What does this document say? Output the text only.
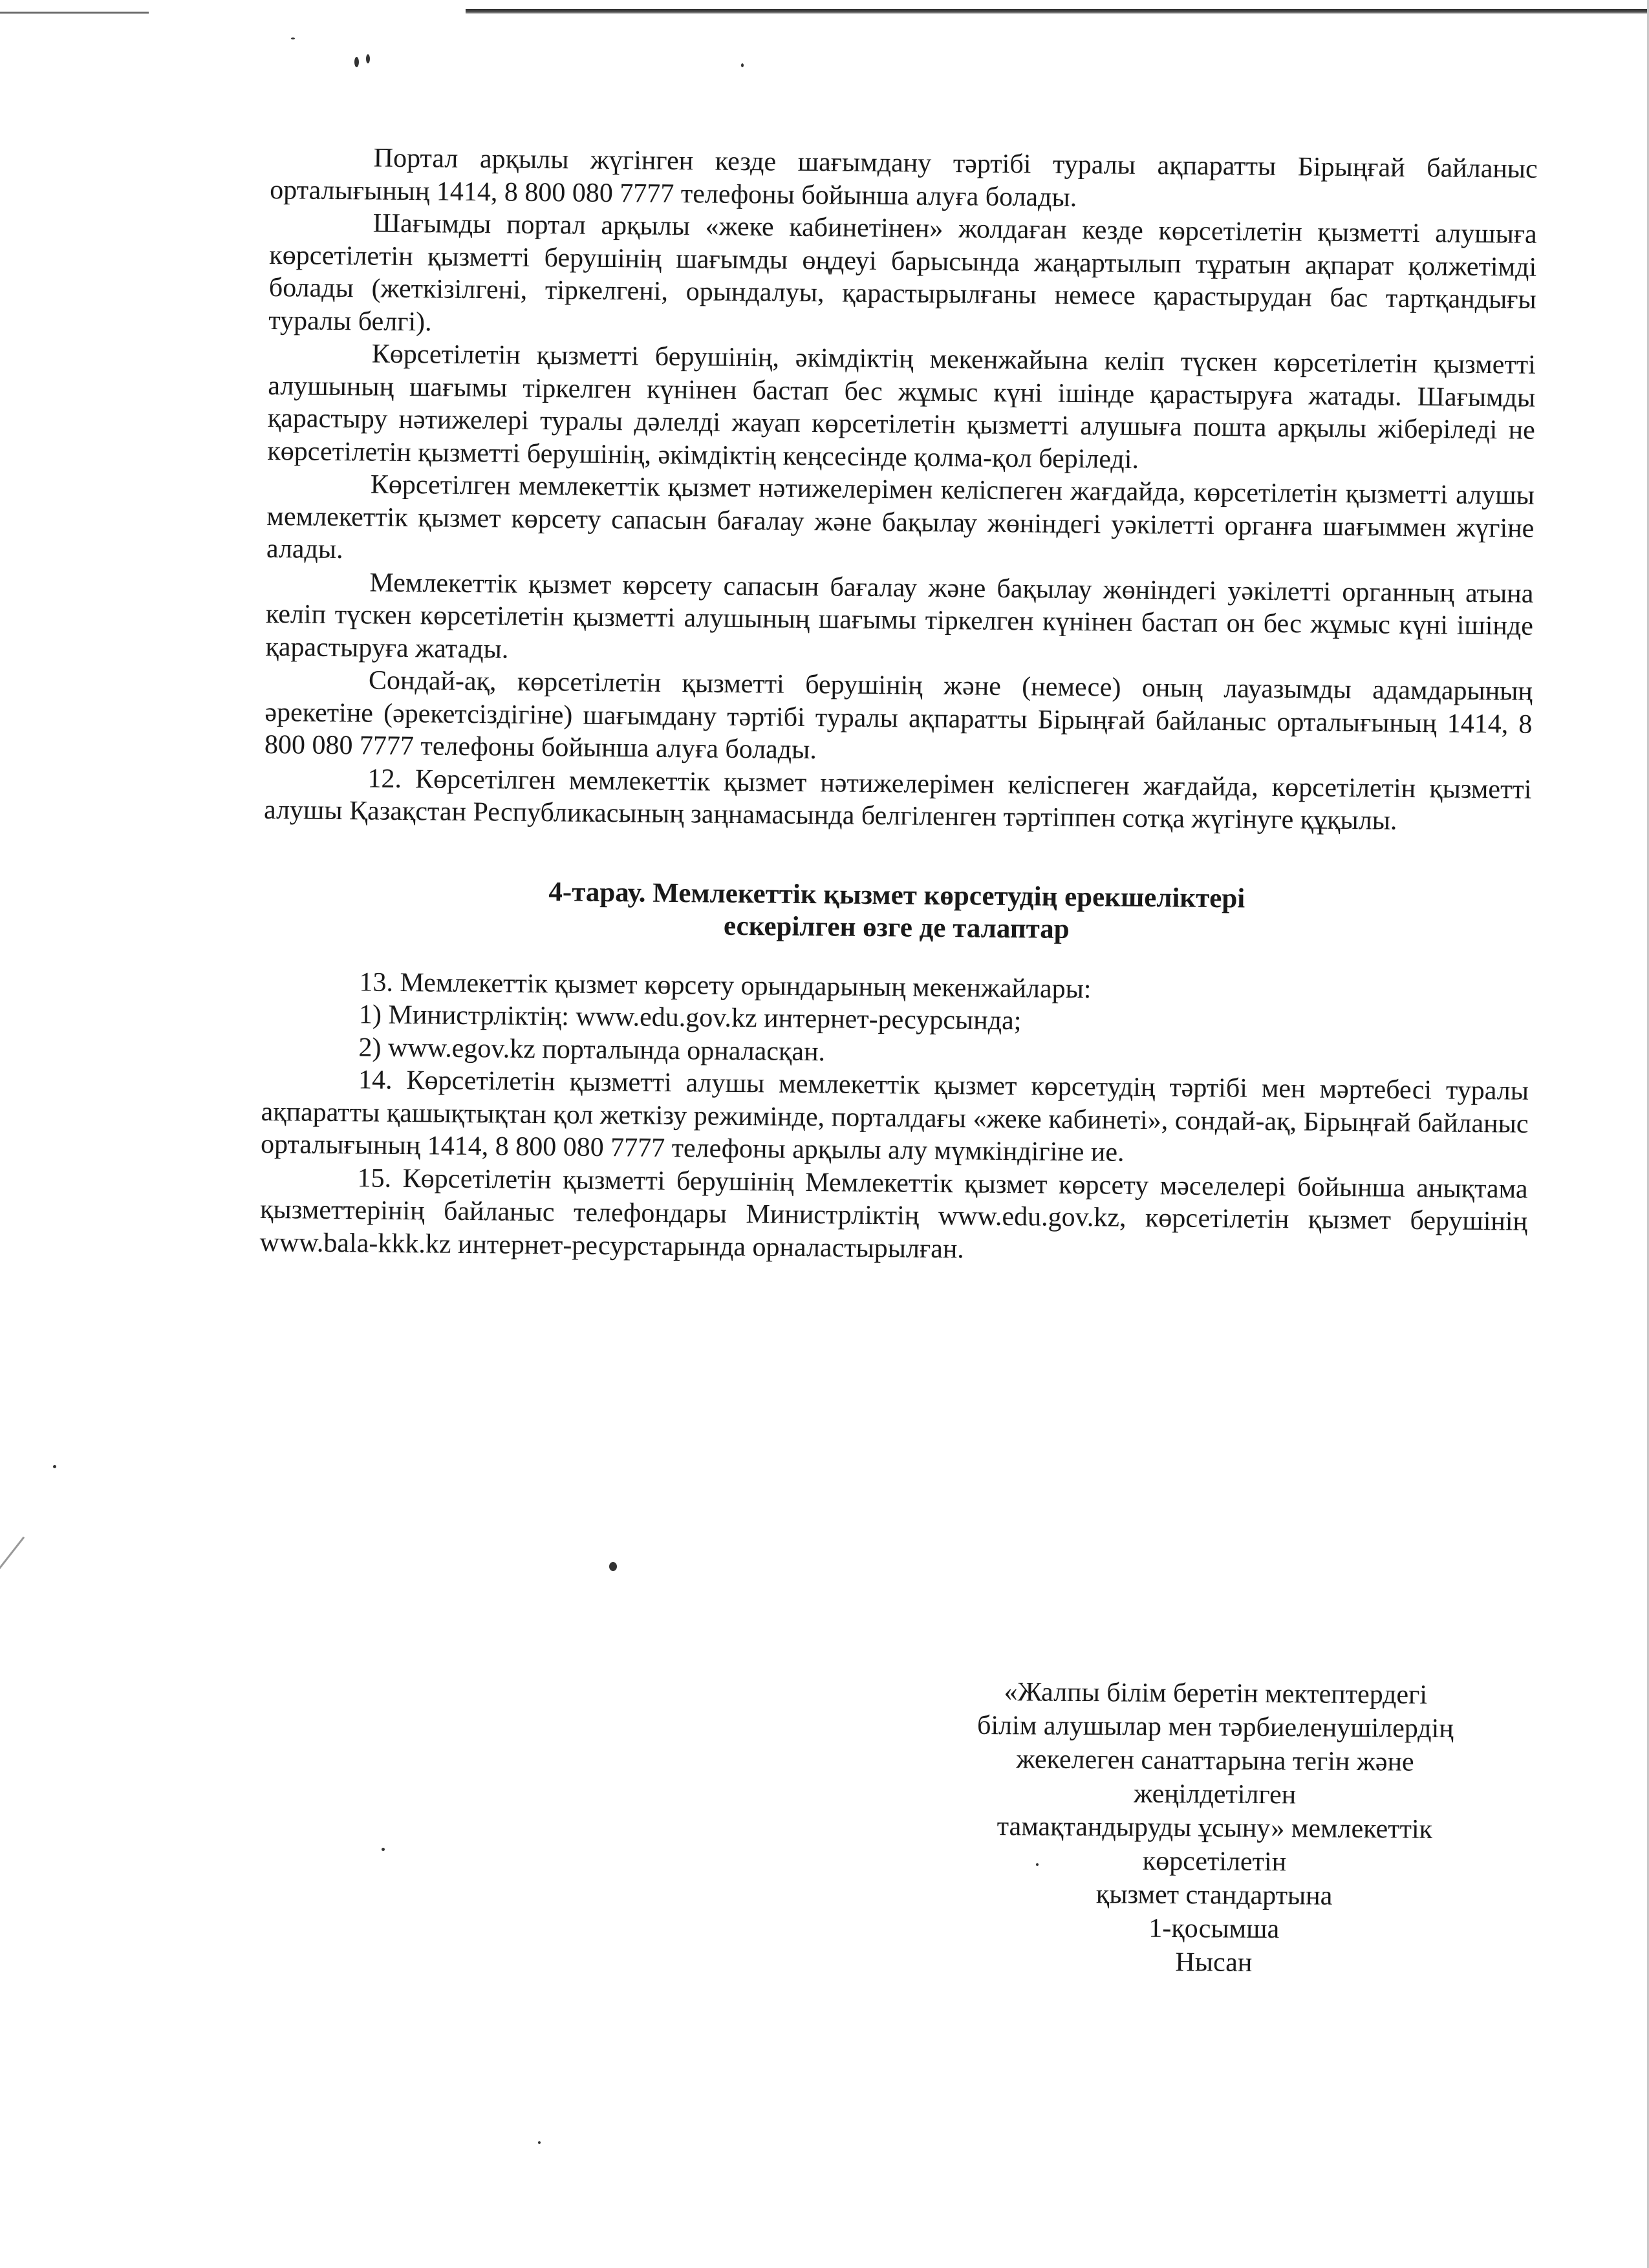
Портал арқылы жүгінген кезде шағымдану тәртібі туралы ақпаратты Бірыңғай байланыс орталығының 1414, 8 800 080 7777 телефоны бойынша алуға болады.

Шағымды портал арқылы «жеке кабинетінен» жолдаған кезде көрсетілетін қызметті алушыға көрсетілетін қызметті берушінің шағымды өңдеуі барысында жаңартылып тұратын ақпарат қолжетімді болады (жеткізілгені, тіркелгені, орындалуы, қарастырылғаны немесе қарастырудан бас тартқандығы туралы белгі).

Көрсетілетін қызметті берушінің, әкімдіктің мекенжайына келіп түскен көрсетілетін қызметті алушының шағымы тіркелген күнінен бастап бес жұмыс күні ішінде қарастыруға жатады. Шағымды қарастыру нәтижелері туралы дәлелді жауап көрсетілетін қызметті алушыға пошта арқылы жіберіледі не көрсетілетін қызметті берушінің, әкімдіктің кеңсесінде қолма-қол беріледі.

Көрсетілген мемлекеттік қызмет нәтижелерімен келіспеген жағдайда, көрсетілетін қызметті алушы мемлекеттік қызмет көрсету сапасын бағалау және бақылау жөніндегі уәкілетті органға шағыммен жүгіне алады.

Мемлекеттік қызмет көрсету сапасын бағалау және бақылау жөніндегі уәкілетті органның атына келіп түскен көрсетілетін қызметті алушының шағымы тіркелген күнінен бастап он бес жұмыс күні ішінде қарастыруға жатады.

Сондай-ақ, көрсетілетін қызметті берушінің және (немесе) оның лауазымды адамдарының әрекетіне (әрекетсіздігіне) шағымдану тәртібі туралы ақпаратты Бірыңғай байланыс орталығының 1414, 8 800 080 7777 телефоны бойынша алуға болады.

12. Көрсетілген мемлекеттік қызмет нәтижелерімен келіспеген жағдайда, көрсетілетін қызметті алушы Қазақстан Республикасының заңнамасында белгіленген тәртіппен сотқа жүгінуге құқылы.

4-тарау. Мемлекеттік қызмет көрсетудің ерекшеліктері
ескерілген өзге де талаптар

13. Мемлекеттік қызмет көрсету орындарының мекенжайлары:

1) Министрліктің: www.edu.gov.kz интернет-ресурсында;

2) www.egov.kz порталында орналасқан.

14. Көрсетілетін қызметті алушы мемлекеттік қызмет көрсетудің тәртібі мен мәртебесі туралы ақпаратты қашықтықтан қол жеткізу режимінде, порталдағы «жеке кабинеті», сондай-ақ, Бірыңғай байланыс орталығының 1414, 8 800 080 7777 телефоны арқылы алу мүмкіндігіне ие.

15. Көрсетілетін қызметті берушінің Мемлекеттік қызмет көрсету мәселелері бойынша анықтама қызметтерінің байланыс телефондары Министрліктің www.edu.gov.kz, көрсетілетін қызмет берушінің www.bala-kkk.kz интернет-ресурстарында орналастырылған.

«Жалпы білім беретін мектептердегі
білім алушылар мен тәрбиеленушілердің
жекелеген санаттарына тегін және
жеңілдетілген
тамақтандыруды ұсыну» мемлекеттік
көрсетілетін
қызмет стандартына
1-қосымша
Нысан
